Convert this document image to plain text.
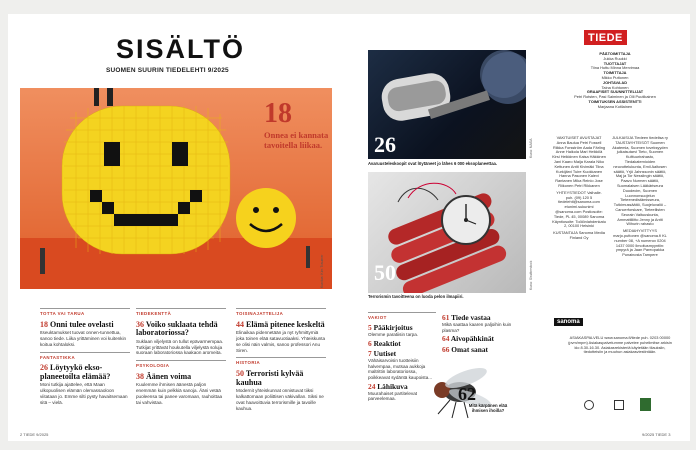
SISÄLTÖ
SUOMEN SUURIN TIEDELEHTI 9/2025
Kuvitus: Kim Traumer
18
Onnea ei kannata tavoitella liikaa.
TOTTA VAI TARUA
18 Onni tulee ovelasti
Itseuktamukset tuovat onnen-tunnettua, sanoo tiede. Liika yrittäminen voi kuitenkin koitua kohtaloksi.
FANTASTIKKA
26 Löytyykö ekso-planeetoilta elämää?
Moni tutkija ajattelee, että Maan ulkopuolisen elämän olemassaoloon viitataan jo. Emme silti pysty havaitsemaan sitä – vielä.
TIEDEKENTTÄ
36 Voiko suklaata tehdä laboratoriossa?
Suklaan viljelystä on tullut epävarmempaa. Tutkijat yrittävät houkutella viljelystä soluja suoraan laboratoriossa kaakaon aromeita.
PSYKOLOGIA
38 Äänen voima
Kuulemme ihmisen äänestä paljon enemmän kuin pelkkiä sanoja. Ääni vetää puoleensa tai panee varomaan, rauhoittaa tai vahvistaa.
TOISINAJATTELIJA
44 Elämä pitenee keskeltä
Elinaikaa pidennetään ja nyt ryhmittymiä joka toinen elää satavuotiaaksi. Yhteiskunta se olisi näin valmis, sanoo professori Anu Siren.
HISTORIA
50 Terroristi kylvää kauhua
Modernit yhteiskunnat onnistuvat tiiksi kalkattomaan poliittisen väkivallan. Siksi ne ovat haavoittuvia terrorismille ja tavoille kauhua.
2 TIEDE 9/2025
26
Avaruusteleskoopit ovat löytäneet jo lähes 6 000 eksoplaneettaa.
Kuva: NASA
50
Terrorismin tavoitteena on luoda pelon ilmapiiri.
Kuva: Shutterstock
VAKIOT
5 Pääkirjoitus
Olemme paratiisin tarpa.
6 Reaktiot
7 Uutiset
Vähäisarvoisin tuotteisiin halvempaa, mutsaa aukkoja maltrittin laboratoriossa, poikkeavat sydäntä kaupoista...
24 Lähikuva
Muurahaiset partitelevat parveelemaa.
61 Tiede vastaa
Mikä saattaa kaaren paljoihin kuin plasma?
64 Aivopähkinät
66 Omat sanat
62
Mitä kärpänen elää ihmisen ihoilla?
TIEDE
PÄÄTOIMITTAJA
Jukka Ruukki
TUOTTAJAT
Tiina Huttu Minna Mervimaa
TOIMITTAJA
Mikko Puttonen
JOHTAVA AD
Taina Kohtonen
GRAAFISET SUUNNITTELIJAT
Petri Rotsten, Pasi Saiminen ja Olli Puutikainen
TOIMITUKSEN ASSISTENTTI
Marjaana Kotilainen
VAKITUISET AVUSTAJAT Anna Baulua Petri Fossell Riikka Forsström Aada Färling Anne Haikola Mari Heikkilä Kirsi Heikkinen Kaisa Häkkinen Jani Kaaro Maija Karala Niko Kettunen Antti Kivimäki Tiina Kurkijärvi Tuire Kuokkanen Hanna Pasonen Kalevi Rantanen Mika Reinio Jose Riikonen Petri Rikkanen
YHTEYSTIEDOT Valhalle. puh. (09) 120 5 tiedelehti@sanoma.com etunimi.sukunimi @sanoma.com Postiosoite: Tiede, PL 45, 00089 Sanoma Käyntiosoite: Toölönlahdenkatu 2, 00100 Helsinki
KUSTANTAJA Sanoma Media Finland Oy
JULKAISIJA Tiedeen tiedelisa ry TAUSTAYHTEISÖT Suomen Akatemia, Suomen toveksyyden julkaisutarvi Tieto, Suomen Kulttuurirahasto, Tiedakatemioiden neuvottelukunta, Emil Aaltosen säätiö, Yrjö Jahnssonin säätiö, Maj ja Tor Nesslingin säätiö, Paavo Nurmen säätiö, Suomalaisen Lääkäriseura Duodecim, Suomen Luonnonsuojelun Tieteenedistämisseura, Tutkimussäätiö, Suojeluvaliö – Cancerforskare, Tieteellisten Seurain Valtuuskunta, Ammattiliitto Jenny ja Antti Wihurin rahasto
MEDIAHYVITTYYS marjo.puttonen @sanoma.fi KL number 08, +A numerox 0204 1437 0000 Ilmoitusmyyntiin: ympyrä ja Jaan Pareopakka Punainosta Tampere
sanoma
ASIAKASPALVELU www.sanoma.fi/tiede puh. 0203 00000 (pvm/mpm) Asiakaspalvelumme palvelee puhelimitse arkisin klo 8.30-16.30. Asiakasrekisteriä käytetään tilauksiin, tiedotteisiin ja muuhun asiakasviestintään.
9/2025 TIEDE 3
